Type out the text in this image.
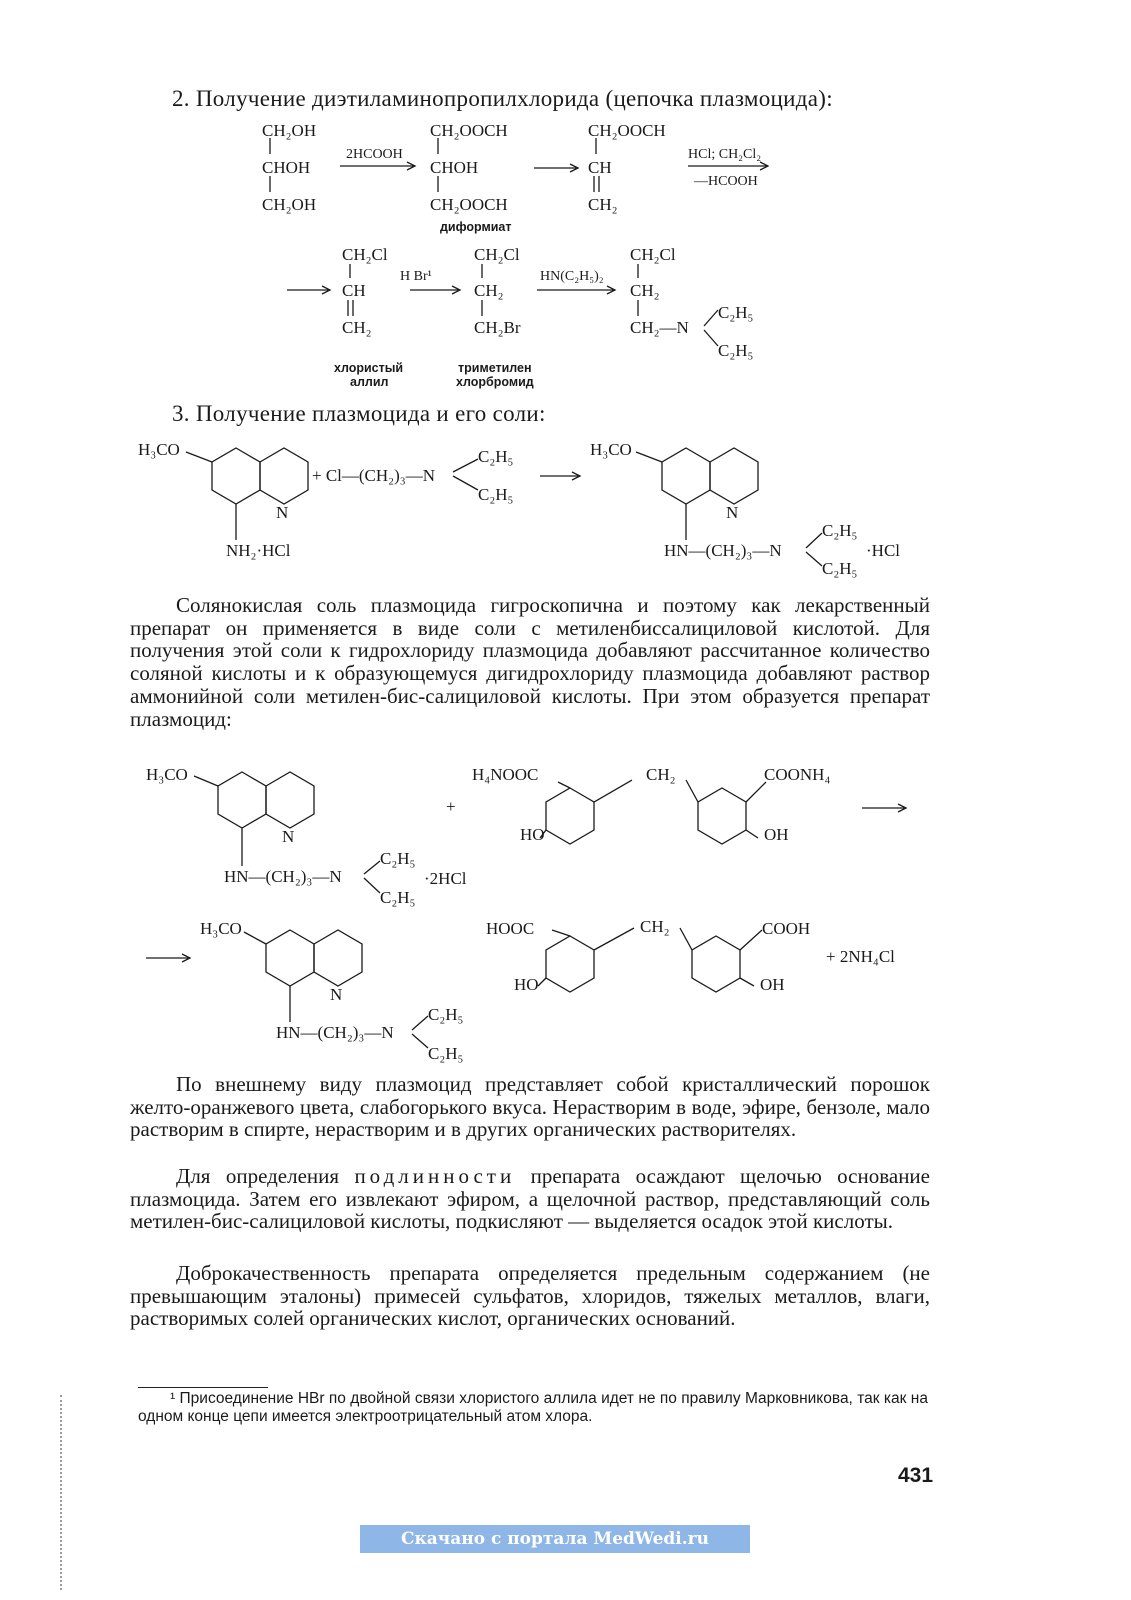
2. Получение диэтиламинопропилхлорида (цепочка плазмоцида):
CH₂OH
CHOH
CH₂OH
2HCOOH
CH₂OOCH
CHOH
CH₂OOCH
диформиат
CH₂OOCH
CH
CH₂
HCl; CH₂Cl₂
—HCOOH
CH₂Cl
CH
CH₂
хлористый
аллил
H Br¹
CH₂Cl
CH₂
CH₂Br
триметилен
хлорбромид
HN(C₂H₅)₂
CH₂Cl
CH₂
CH₂—N
C₂H₅
C₂H₅
3. Получение плазмоцида и его соли:
H₃CO
N
NH₂·HCl
+ Cl—(CH₂)₃—N
C₂H₅
C₂H₅
H₃CO
N
HN—(CH₂)₃—N
C₂H₅
C₂H₅
·HCl

Солянокислая соль плазмоцида гигроскопична и поэтому как лекарственный препарат он применяется в виде соли с метиленбиссалициловой кислотой. Для получения этой соли к гидрохлориду плазмоцида добавляют рассчитанное количество соляной кислоты и к образующемуся дигидрохлориду плазмоцида добавляют раствор аммонийной соли метилен-бис-салициловой кислоты. При этом образуется препарат плазмоцид:

H₃CO
N
HN—(CH₂)₃—N
C₂H₅
C₂H₅
·2HCl
+
H₄NOOC	CH₂	COONH₄
HO	OH
H₃CO
N
HN—(CH₂)₃—N
C₂H₅
C₂H₅
HOOC	CH₂	COOH
HO	OH
+ 2NH₄Cl

По внешнему виду плазмоцид представляет собой кристаллический порошок желто-оранжевого цвета, слабогорького вкуса. Нерастворим в воде, эфире, бензоле, мало растворим в спирте, нерастворим и в других органических растворителях.

Для определения подлинности препарата осаждают щелочью основание плазмоцида. Затем его извлекают эфиром, а щелочной раствор, представляющий соль метилен-бис-салициловой кислоты, подкисляют — выделяется осадок этой кислоты.

Доброкачественность препарата определяется предельным содержанием (не превышающим эталоны) примесей сульфатов, хлоридов, тяжелых металлов, влаги, растворимых солей органических кислот, органических оснований.

¹ Присоединение HBr по двойной связи хлористого аллила идет не по правилу Марковникова, так как на одном конце цепи имеется электроотрицательный атом хлора.

431
Скачано с портала MedWedi.ru
